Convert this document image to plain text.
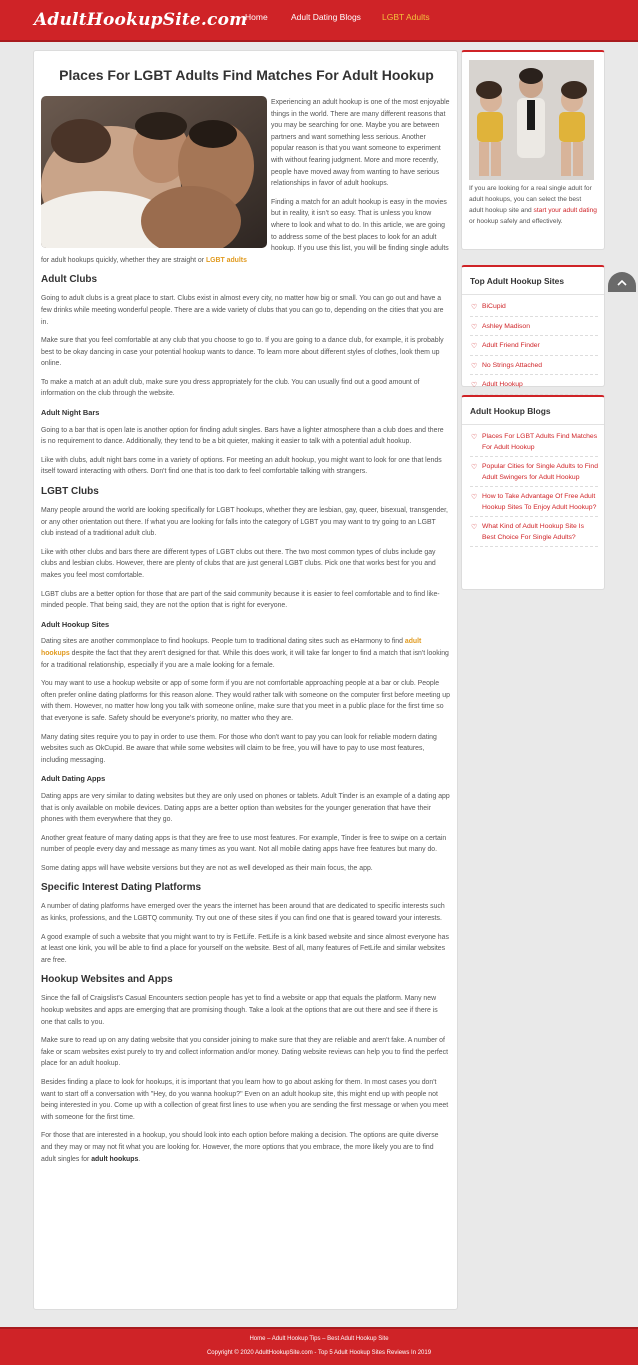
AdultHookupSite.com
Home	Adult Dating Blogs LGBT Adults
Places For LGBT Adults Find Matches For Adult Hookup

Experiencing an adult hookup is one of the most enjoyable things in the world. There are many different reasons that you may be searching for one. Maybe you are between partners and want something less serious. Another popular reason is that you want someone to experiment with without fearing judgment. More and more recently, people have moved away from wanting to have serious relationships in favor of adult hookups.

Finding a match for an adult hookup is easy in the movies but in reality, it isn't so easy. That is unless you know where to look and what to do. In this article, we are going to address some of the best places to look for an adult hookup. If you use this list, you will be finding single adults for adult hookups quickly, whether they are straight or LGBT adults

Adult Clubs

Going to adult clubs is a great place to start. Clubs exist in almost every city, no matter how big or small. You can go out and have a few drinks while meeting wonderful people. There are a wide variety of clubs that you can go to, depending on the cities that you are in.

Make sure that you feel comfortable at any club that you choose to go to. If you are going to a dance club, for example, it is probably best to be okay dancing in case your potential hookup wants to dance. To learn more about different styles of clothes, look them up online.

To make a match at an adult club, make sure you dress appropriately for the club. You can usually find out a good amount of information on the club through the website.

Adult Night Bars

Going to a bar that is open late is another option for finding adult singles. Bars have a lighter atmosphere than a club does and there is no requirement to dance. Additionally, they tend to be a bit quieter, making it easier to talk with a potential adult hookup.

Like with clubs, adult night bars come in a variety of options. For meeting an adult hookup, you might want to look for one that lends itself toward interacting with others. Don't find one that is too dark to feel comfortable talking with strangers.

LGBT Clubs

Many people around the world are looking specifically for LGBT hookups, whether they are lesbian, gay, queer, bisexual, transgender, or any other orientation out there. If what you are looking for falls into the category of LGBT you may want to try going to an LGBT club instead of a traditional adult club.

Like with other clubs and bars there are different types of LGBT clubs out there. The two most common types of clubs include gay clubs and lesbian clubs. However, there are plenty of clubs that are just general LGBT clubs. Pick one that works best for you and makes you feel most comfortable.

LGBT clubs are a better option for those that are part of the said community because it is easier to feel comfortable and to find like-minded people. That being said, they are not the option that is right for everyone.

Adult Hookup Sites

Dating sites are another commonplace to find hookups. People turn to traditional dating sites such as eHarmony to find adult hookups despite the fact that they aren't designed for that. While this does work, it will take far longer to find a match that isn't looking for a traditional relationship, especially if you are a male looking for a female.

You may want to use a hookup website or app of some form if you are not comfortable approaching people at a bar or club. People often prefer online dating platforms for this reason alone. They would rather talk with someone on the computer first before meeting up with them. However, no matter how long you talk with someone online, make sure that you meet in a public place for the first time so that everyone is safe. Safety should be everyone's priority, no matter who they are.

Many dating sites require you to pay in order to use them. For those who don't want to pay you can look for reliable modern dating websites such as OkCupid. Be aware that while some websites will claim to be free, you will have to pay to use most features, including messaging.

Adult Dating Apps

Dating apps are very similar to dating websites but they are only used on phones or tablets. Adult Tinder is an example of a dating app that is only available on mobile devices. Dating apps are a better option than websites for the younger generation that have their phones with them everywhere that they go.

Another great feature of many dating apps is that they are free to use most features. For example, Tinder is free to swipe on a certain number of people every day and message as many times as you want. Not all mobile dating apps have free features but many do.

Some dating apps will have website versions but they are not as well developed as their main focus, the app.

Specific Interest Dating Platforms

A number of dating platforms have emerged over the years the internet has been around that are dedicated to specific interests such as kinks, professions, and the LGBTQ community. Try out one of these sites if you can find one that is geared toward your interests.

A good example of such a website that you might want to try is FetLife. FetLife is a kink based website and since almost everyone has at least one kink, you will be able to find a place for yourself on the website. Best of all, many features of FetLife and similar websites are free.

Hookup Websites and Apps

Since the fall of Craigslist's Casual Encounters section people has yet to find a website or app that equals the platform. Many new hookup websites and apps are emerging that are promising though. Take a look at the options that are out there and see if there is one that calls to you.

Make sure to read up on any dating website that you consider joining to make sure that they are reliable and aren't fake. A number of fake or scam websites exist purely to try and collect information and/or money. Dating website reviews can help you to find the perfect place for an adult hookup.

Besides finding a place to look for hookups, it is important that you learn how to go about asking for them. In most cases you don't want to start off a conversation with "Hey, do you wanna hookup?" Even on an adult hookup site, this might end up with people not being interested in you. Come up with a collection of great first lines to use when you are sending the first message or when you meet with someone for the first time.

For those that are interested in a hookup, you should look into each option before making a decision. The options are quite diverse and they may or may not fit what you are looking for. However, the more options that you embrace, the more likely you are to find adult singles for adult hookups.

If you are looking for a real single adult for adult hookups, you can select the best adult hookup site and start your adult dating or hookup safely and effectively.
Top Adult Hookup Sites
♡ BiCupid
♡ Ashley Madison
♡ Adult Friend Finder
♡ No Strings Attached
♡ Adult Hookup
Adult Hookup Blogs
♡ Places For LGBT Adults Find Matches For Adult Hookup
♡ Popular Cities for Single Adults to Find Adult Swingers for Adult Hookup
♡ How to Take Advantage Of Free Adult Hookup Sites To Enjoy Adult Hookup?
♡ What Kind of Adult Hookup Site Is Best Choice For Single Adults?
Home – Adult Hookup Tips – Best Adult Hookup Site
Copyright © 2020 AdultHookupSite.com - Top 5 Adult Hookup Sites Reviews In 2019
